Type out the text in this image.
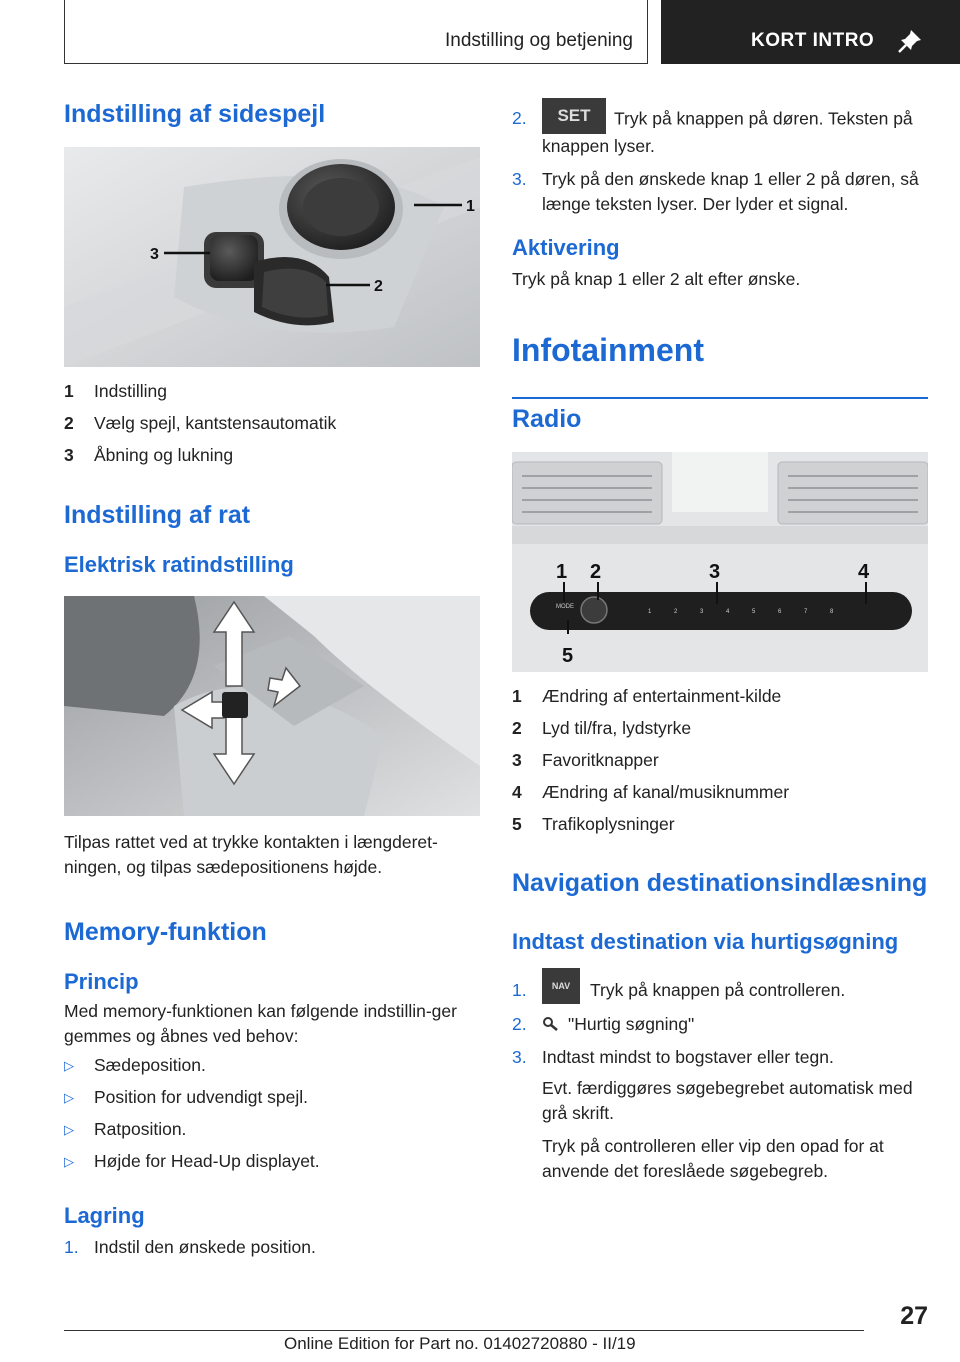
Indstilling og betjening	KORT INTRO
Indstilling af sidespejl
1
2
3
1	Indstilling
2	Vælg spejl, kantstensautomatik
3	Åbning og lukning
Indstilling af rat
Elektrisk ratindstilling

Tilpas rattet ved at trykke kontakten i længderet-ningen, og tilpas sædepositionens højde.

Memory-funktion
Princip

Med memory-funktionen kan følgende indstillin-ger gemmes og åbnes ved behov:

▷	Sædeposition.
▷	Position for udvendigt spejl.
▷	Ratposition.
▷	Højde for Head-Up displayet.
Lagring
1. Indstil den ønskede position.
2.	SET Tryk på knappen på døren. Teksten på knappen lyser.
3. Tryk på den ønskede knap 1 eller 2 på døren, så længe teksten lyser. Der lyder et signal.
Aktivering

Tryk på knap 1 eller 2 alt efter ønske.

Infotainment
Radio
MODE
1	2	3	4	5	6	7	8
1 2	3	4
5
1	Ændring af entertainment-kilde
2	Lyd til/fra, lydstyrke
3	Favoritknapper
4	Ændring af kanal/musiknummer
5	Trafikoplysninger
Navigation destinationsindlæsning
Indtast destination via hurtigsøgning
1.	NAV Tryk på knappen på controlleren.
2.	"Hurtig søgning"
3. Indtast mindst to bogstaver eller tegn.

Evt. færdiggøres søgebegrebet automatisk med grå skrift.

Tryk på controlleren eller vip den opad for at anvende det foreslåede søgebegreb.

27
Online Edition for Part no. 01402720880 - II/19
